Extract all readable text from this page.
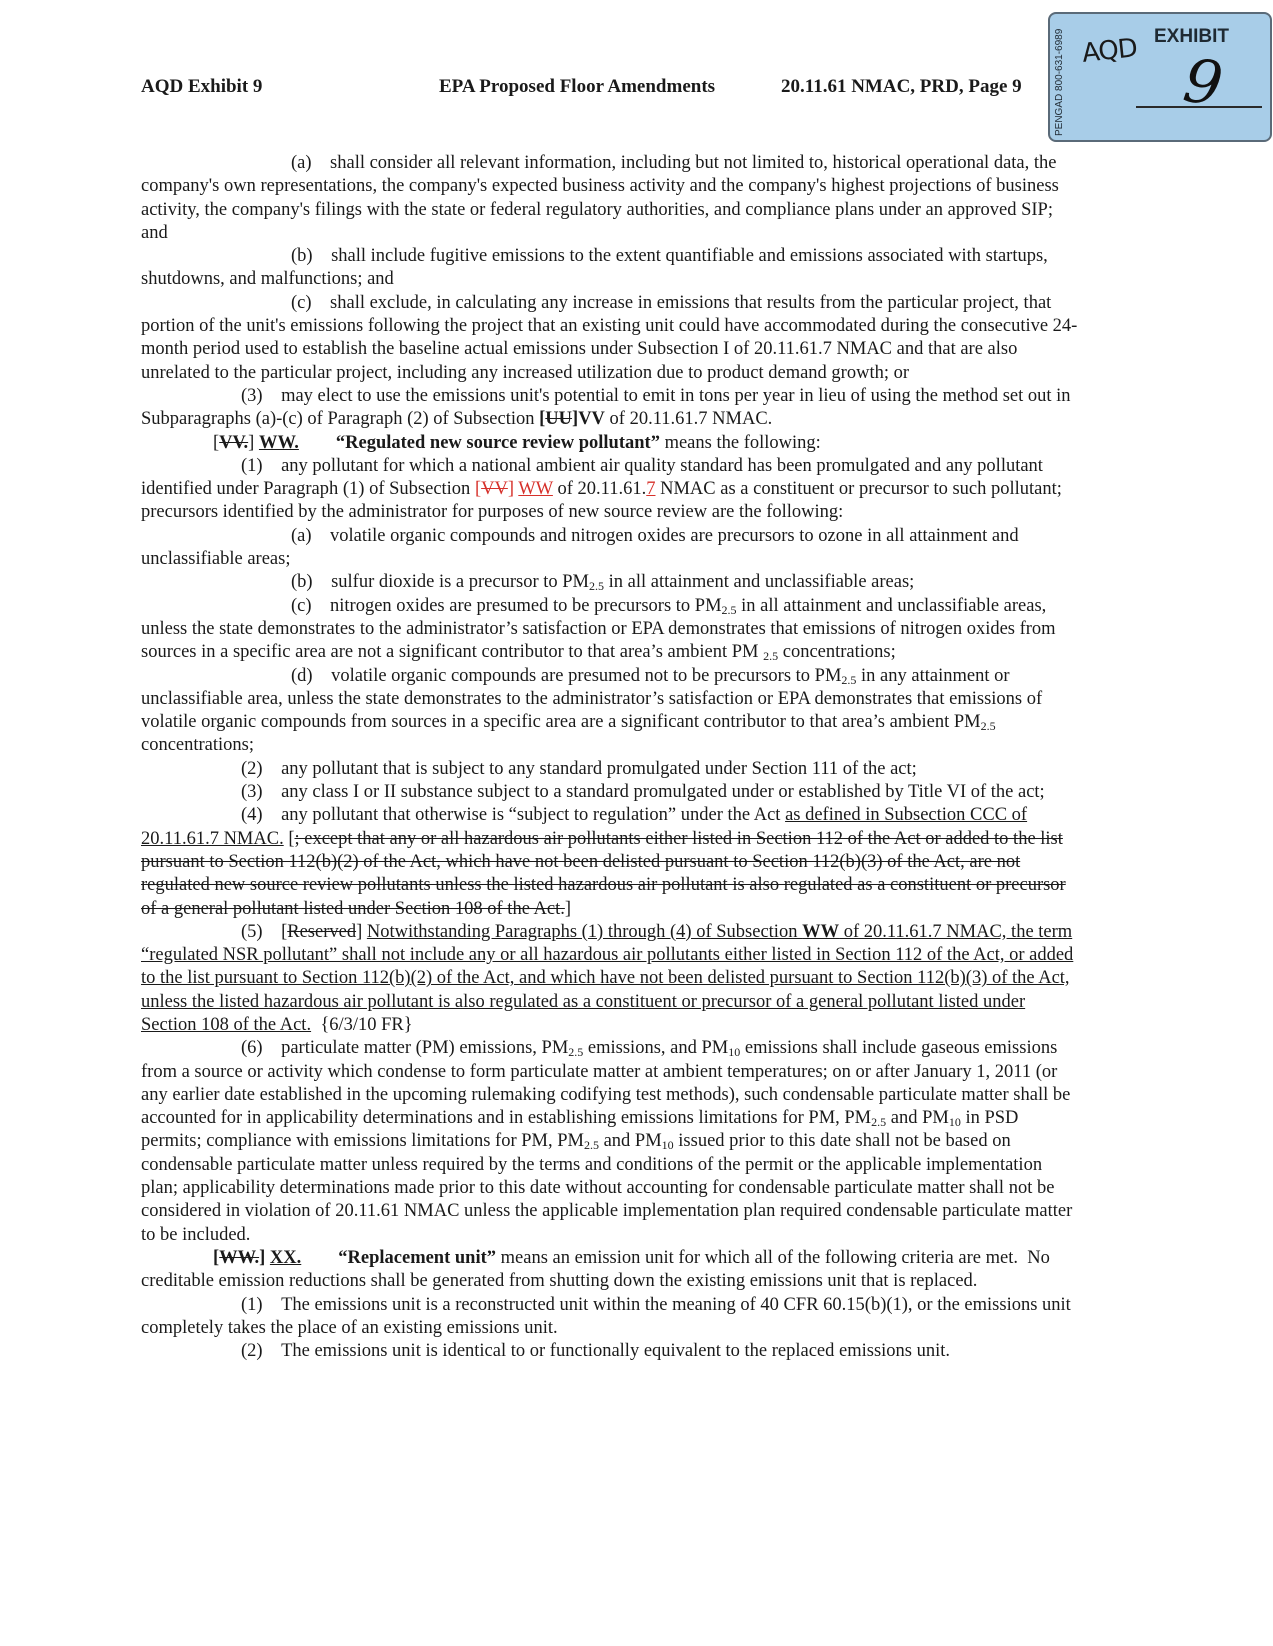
AQD Exhibit 9	EPA Proposed Floor Amendments	20.11.61 NMAC, PRD, Page 9	PENGAD 800-631-6989 AQD EXHIBIT
9

(a)    shall consider all relevant information, including but not limited to, historical operational data, the company's own representations, the company's expected business activity and the company's highest projections of business activity, the company's filings with the state or federal regulatory authorities, and compliance plans under an approved SIP; and

(b)    shall include fugitive emissions to the extent quantifiable and emissions associated with startups, shutdowns, and malfunctions; and

(c)    shall exclude, in calculating any increase in emissions that results from the particular project, that portion of the unit's emissions following the project that an existing unit could have accommodated during the consecutive 24-month period used to establish the baseline actual emissions under Subsection I of 20.11.61.7 NMAC and that are also unrelated to the particular project, including any increased utilization due to product demand growth; or

(3)    may elect to use the emissions unit's potential to emit in tons per year in lieu of using the method set out in Subparagraphs (a)-(c) of Paragraph (2) of Subsection [UU]VV of 20.11.61.7 NMAC.

[VV.] WW. “Regulated new source review pollutant” means the following:

(1)    any pollutant for which a national ambient air quality standard has been promulgated and any pollutant identified under Paragraph (1) of Subsection [VV] WW of 20.11.61.7 NMAC as a constituent or precursor to such pollutant; precursors identified by the administrator for purposes of new source review are the following:

(a)    volatile organic compounds and nitrogen oxides are precursors to ozone in all attainment and unclassifiable areas;

(b)    sulfur dioxide is a precursor to $PM_{2.5}$ in all attainment and unclassifiable areas;

(c)    nitrogen oxides are presumed to be precursors to $PM_{2.5}$ in all attainment and unclassifiable areas, unless the state demonstrates to the administrator’s satisfaction or EPA demonstrates that emissions of nitrogen oxides from sources in a specific area are not a significant contributor to that area’s ambient PM $_{2.5}$ concentrations;

(d)    volatile organic compounds are presumed not to be precursors to $PM_{2.5}$ in any attainment or unclassifiable area, unless the state demonstrates to the administrator’s satisfaction or EPA demonstrates that emissions of volatile organic compounds from sources in a specific area are a significant contributor to that area’s ambient $PM_{2.5}$ concentrations;

(2)    any pollutant that is subject to any standard promulgated under Section 111 of the act;

(3)    any class I or II substance subject to a standard promulgated under or established by Title VI of the act;

(4)    any pollutant that otherwise is “subject to regulation” under the Act as defined in Subsection CCC of 20.11.61.7 NMAC. [; except that any or all hazardous air pollutants either listed in Section 112 of the Act or added to the list pursuant to Section 112(b)(2) of the Act, which have not been delisted pursuant to Section 112(b)(3) of the Act, are not regulated new source review pollutants unless the listed hazardous air pollutant is also regulated as a constituent or precursor of a general pollutant listed under Section 108 of the Act.]

(5)    [Reserved] Notwithstanding Paragraphs (1) through (4) of Subsection WW of 20.11.61.7 NMAC, the term “regulated NSR pollutant” shall not include any or all hazardous air pollutants either listed in Section 112 of the Act, or added to the list pursuant to Section 112(b)(2) of the Act, and which have not been delisted pursuant to Section 112(b)(3) of the Act, unless the listed hazardous air pollutant is also regulated as a constituent or precursor of a general pollutant listed under Section 108 of the Act.  {6/3/10 FR}

(6)    particulate matter (PM) emissions, $PM_{2.5}$ emissions, and $PM_{10}$ emissions shall include gaseous emissions from a source or activity which condense to form particulate matter at ambient temperatures; on or after January 1, 2011 (or any earlier date established in the upcoming rulemaking codifying test methods), such condensable particulate matter shall be accounted for in applicability determinations and in establishing emissions limitations for PM, $PM_{2.5}$ and $PM_{10}$ in PSD permits; compliance with emissions limitations for PM, $PM_{2.5}$ and $PM_{10}$ issued prior to this date shall not be based on condensable particulate matter unless required by the terms and conditions of the permit or the applicable implementation plan; applicability determinations made prior to this date without accounting for condensable particulate matter shall not be considered in violation of 20.11.61 NMAC unless the applicable implementation plan required condensable particulate matter to be included.

[WW.] XX. “Replacement unit” means an emission unit for which all of the following criteria are met.  No creditable emission reductions shall be generated from shutting down the existing emissions unit that is replaced.

(1)    The emissions unit is a reconstructed unit within the meaning of 40 CFR 60.15(b)(1), or the emissions unit completely takes the place of an existing emissions unit.

(2)    The emissions unit is identical to or functionally equivalent to the replaced emissions unit.
